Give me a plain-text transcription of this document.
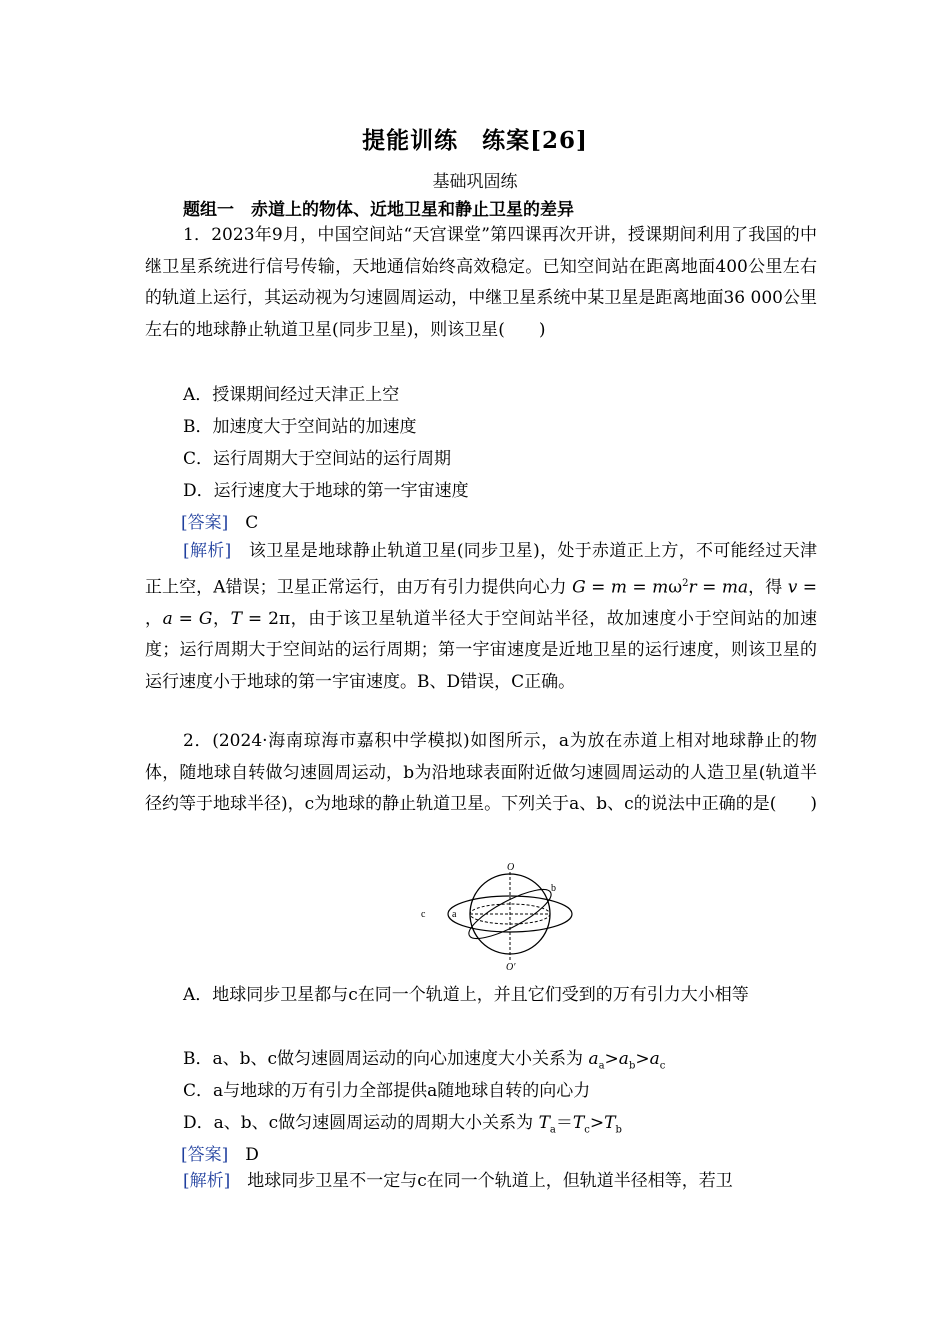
提能训练　练案[26]
基础巩固练
题组一　赤道上的物体、近地卫星和静止卫星的差异
1．2023年9月，中国空间站“天宫课堂”第四课再次开讲，授课期间利用了我国的中继卫星系统进行信号传输，天地通信始终高效稳定。已知空间站在距离地面400公里左右的轨道上运行，其运动视为匀速圆周运动，中继卫星系统中某卫星是距离地面36 000公里左右的地球静止轨道卫星(同步卫星)，则该卫星(　　)
A．授课期间经过天津正上空
B．加速度大于空间站的加速度
C．运行周期大于空间站的运行周期
D．运行速度大于地球的第一宇宙速度
[答案]　 C
[解析]　 该卫星是地球静止轨道卫星(同步卫星)，处于赤道正上方，不可能经过天津正上空，A错误；卫星正常运行，由万有引力提供向心力 $G = m = m\omega^2r$ = ma，得 v = ，a = G，T = 2π，由于该卫星轨道半径大于空间站半径，故加速度小于空间站的加速度；运行周期大于空间站的运行周期；第一宇宙速度是近地卫星的运行速度，则该卫星的运行速度小于地球的第一宇宙速度。B、D错误，C正确。
2．(2024·海南琼海市嘉积中学模拟)如图所示，a为放在赤道上相对地球静止的物体，随地球自转做匀速圆周运动，b为沿地球表面附近做匀速圆周运动的人造卫星(轨道半径约等于地球半径)，c为地球的静止轨道卫星。下列关于a、b、c的说法中正确的是(　　)
O
b
c	a
O′
A．地球同步卫星都与c在同一个轨道上，并且它们受到的万有引力大小相等
B．a、b、c做匀速圆周运动的向心加速度大小关系为 $a_a>a_b>a_c$
C．a与地球的万有引力全部提供a随地球自转的向心力
D．a、b、c做匀速圆周运动的周期大小关系为 $T_a=T_c>T_b$
[答案]　 D
[解析]　 地球同步卫星不一定与c在同一个轨道上，但轨道半径相等，若卫
